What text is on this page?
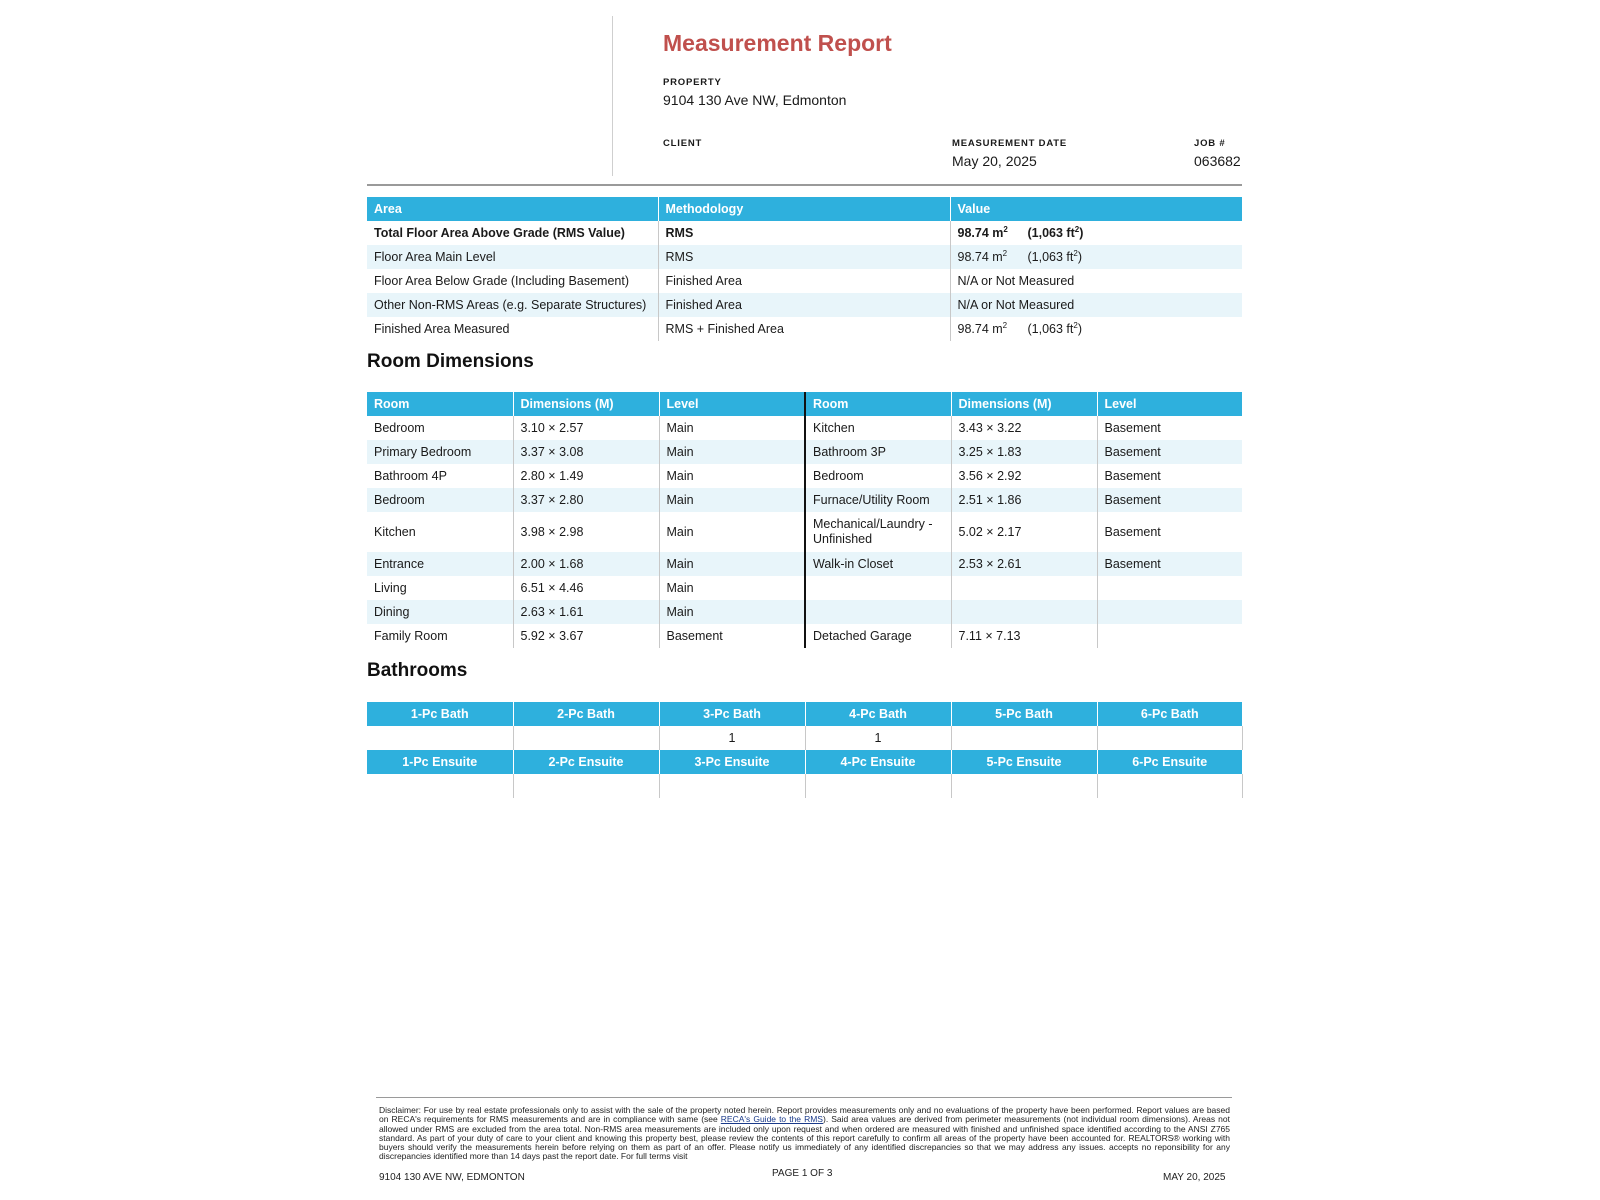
Measurement Report
PROPERTY
9104 130 Ave NW, Edmonton
CLIENT	MEASUREMENT DATE
May 20, 2025
JOB #
063682
Area	Methodology	Value
Total Floor Area Above Grade (RMS Value)	RMS	98.74 $m^2$ (1,063 $ft^2$)
Floor Area Main Level	RMS	98.74 $m^2$ (1,063 $ft^2$)
Floor Area Below Grade (Including Basement)	Finished Area	N/A or Not Measured
Other Non-RMS Areas (e.g. Separate Structures)	Finished Area	N/A or Not Measured
Finished Area Measured	RMS + Finished Area	98.74 $m^2$ (1,063 $ft^2$)
Room Dimensions
Room	Dimensions (M)	Level	Room	Dimensions (M)	Level
Bedroom	3.10 × 2.57	Main	Kitchen	3.43 × 3.22	Basement
Primary Bedroom	3.37 × 3.08	Main	Bathroom 3P	3.25 × 1.83	Basement
Bathroom 4P	2.80 × 1.49	Main	Bedroom	3.56 × 2.92	Basement
Bedroom	3.37 × 2.80	Main	Furnace/Utility Room	2.51 × 1.86	Basement
Kitchen	3.98 × 2.98	Main	Mechanical/Laundry - Unfinished	5.02 × 2.17	Basement
Entrance	2.00 × 1.68	Main	Walk-in Closet	2.53 × 2.61	Basement
Living	6.51 × 4.46	Main			
Dining	2.63 × 1.61	Main			
Family Room	5.92 × 3.67	Basement	Detached Garage	7.11 × 7.13	
Bathrooms
1-Pc Bath	2-Pc Bath	3-Pc Bath	4-Pc Bath	5-Pc Bath	6-Pc Bath
		1	1		
1-Pc Ensuite	2-Pc Ensuite	3-Pc Ensuite	4-Pc Ensuite	5-Pc Ensuite	6-Pc Ensuite

Disclaimer: For use by real estate professionals only to assist with the sale of the property noted herein. Report provides measurements only and no evaluations of the property have been performed. Report values are based on RECA's requirements for RMS measurements and are in compliance with same (see RECA's Guide to the RMS). Said area values are derived from perimeter measurements (not individual room dimensions). Areas not allowed under RMS are excluded from the area total. Non-RMS area measurements are included only upon request and when ordered are measured with finished and unfinished space identified according to the ANSI Z765 standard. As part of your duty of care to your client and knowing this property best, please review the contents of this report carefully to confirm all areas of the property have been accounted for. REALTORS® working with buyers should verify the measurements herein before relying on them as part of an offer. Please notify us immediately of any identified discrepancies so that we may address any issues. accepts no reponsibility for any discrepancies identified more than 14 days past the report date. For full terms visit
9104 130 AVE NW, EDMONTON	PAGE 1 OF 3	MAY 20, 2025
